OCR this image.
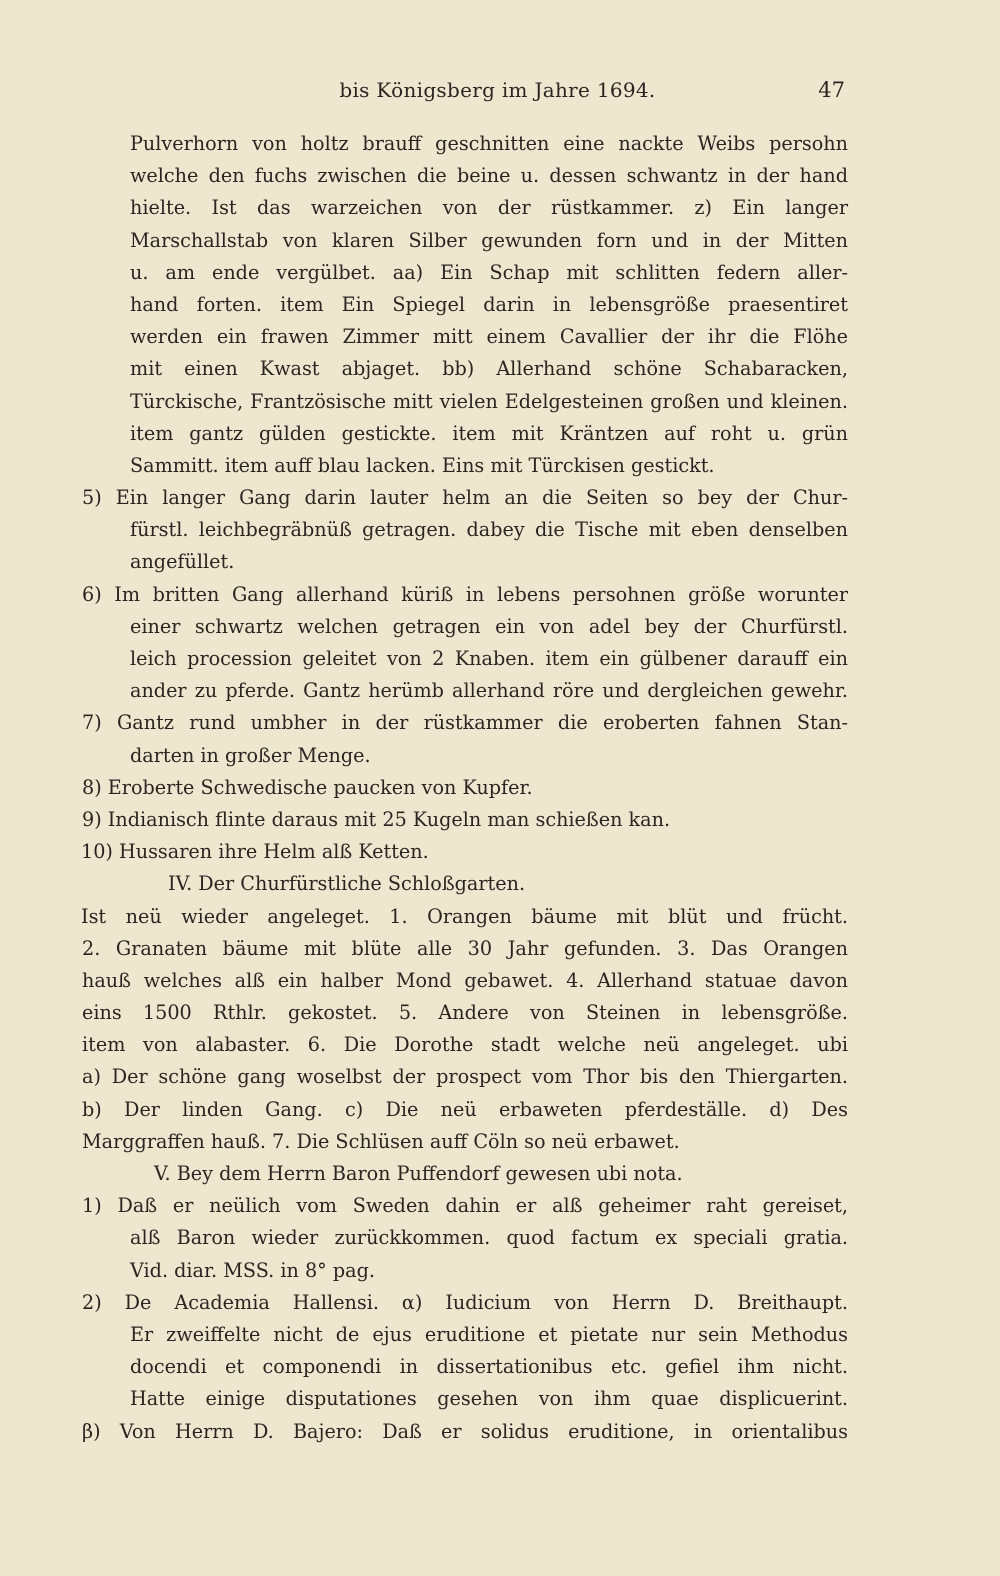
bis Königsberg im Jahre 1694.	47
Pulverhorn von holtz brauff geschnitten eine nackte Weibs persohn
welche den fuchs zwischen die beine u. dessen schwantz in der hand
hielte. Ist das warzeichen von der rüstkammer. z) Ein langer
Marschallstab von klaren Silber gewunden forn und in der Mitten
u. am ende vergülbet. aa) Ein Schap mit schlitten federn aller-
hand forten. item Ein Spiegel darin in lebensgröße praesentiret
werden ein frawen Zimmer mitt einem Cavallier der ihr die Flöhe
mit einen Kwast abjaget. bb) Allerhand schöne Schabaracken,
Türckische, Frantzösische mitt vielen Edelgesteinen großen und kleinen.
item gantz gülden gestickte. item mit Kräntzen auf roht u. grün
Sammitt. item auff blau lacken. Eins mit Türckisen gestickt.
5) Ein langer Gang darin lauter helm an die Seiten so bey der Chur-
fürstl. leichbegräbnüß getragen. dabey die Tische mit eben denselben
angefüllet.
6) Im britten Gang allerhand küriß in lebens persohnen größe worunter
einer schwartz welchen getragen ein von adel bey der Churfürstl.
leich procession geleitet von 2 Knaben. item ein gülbener darauff ein
ander zu pferde. Gantz herümb allerhand röre und dergleichen gewehr.
7) Gantz rund umbher in der rüstkammer die eroberten fahnen Stan-
darten in großer Menge.
8) Eroberte Schwedische paucken von Kupfer.
9) Indianisch flinte daraus mit 25 Kugeln man schießen kan.
10) Hussaren ihre Helm alß Ketten.
IV. Der Churfürstliche Schloßgarten.
Ist neü wieder angeleget. 1. Orangen bäume mit blüt und frücht.
2. Granaten bäume mit blüte alle 30 Jahr gefunden. 3. Das Orangen
hauß welches alß ein halber Mond gebawet. 4. Allerhand statuae davon
eins 1500 Rthlr. gekostet. 5. Andere von Steinen in lebensgröße.
item von alabaster. 6. Die Dorothe stadt welche neü angeleget. ubi
a) Der schöne gang woselbst der prospect vom Thor bis den Thiergarten.
b) Der linden Gang. c) Die neü erbaweten pferdeställe. d) Des
Marggraffen hauß. 7. Die Schlüsen auff Cöln so neü erbawet.
V. Bey dem Herrn Baron Puffendorf gewesen ubi nota.
1) Daß er neülich vom Sweden dahin er alß geheimer raht gereiset,
alß Baron wieder zurückkommen. quod factum ex speciali gratia.
Vid. diar. MSS. in 8° pag.
2) De Academia Hallensi. α) Iudicium von Herrn D. Breithaupt.
Er zweiffelte nicht de ejus eruditione et pietate nur sein Methodus
docendi et componendi in dissertationibus etc. gefiel ihm nicht.
Hatte einige disputationes gesehen von ihm quae displicuerint.
β) Von Herrn D. Bajero: Daß er solidus eruditione, in orientalibus
